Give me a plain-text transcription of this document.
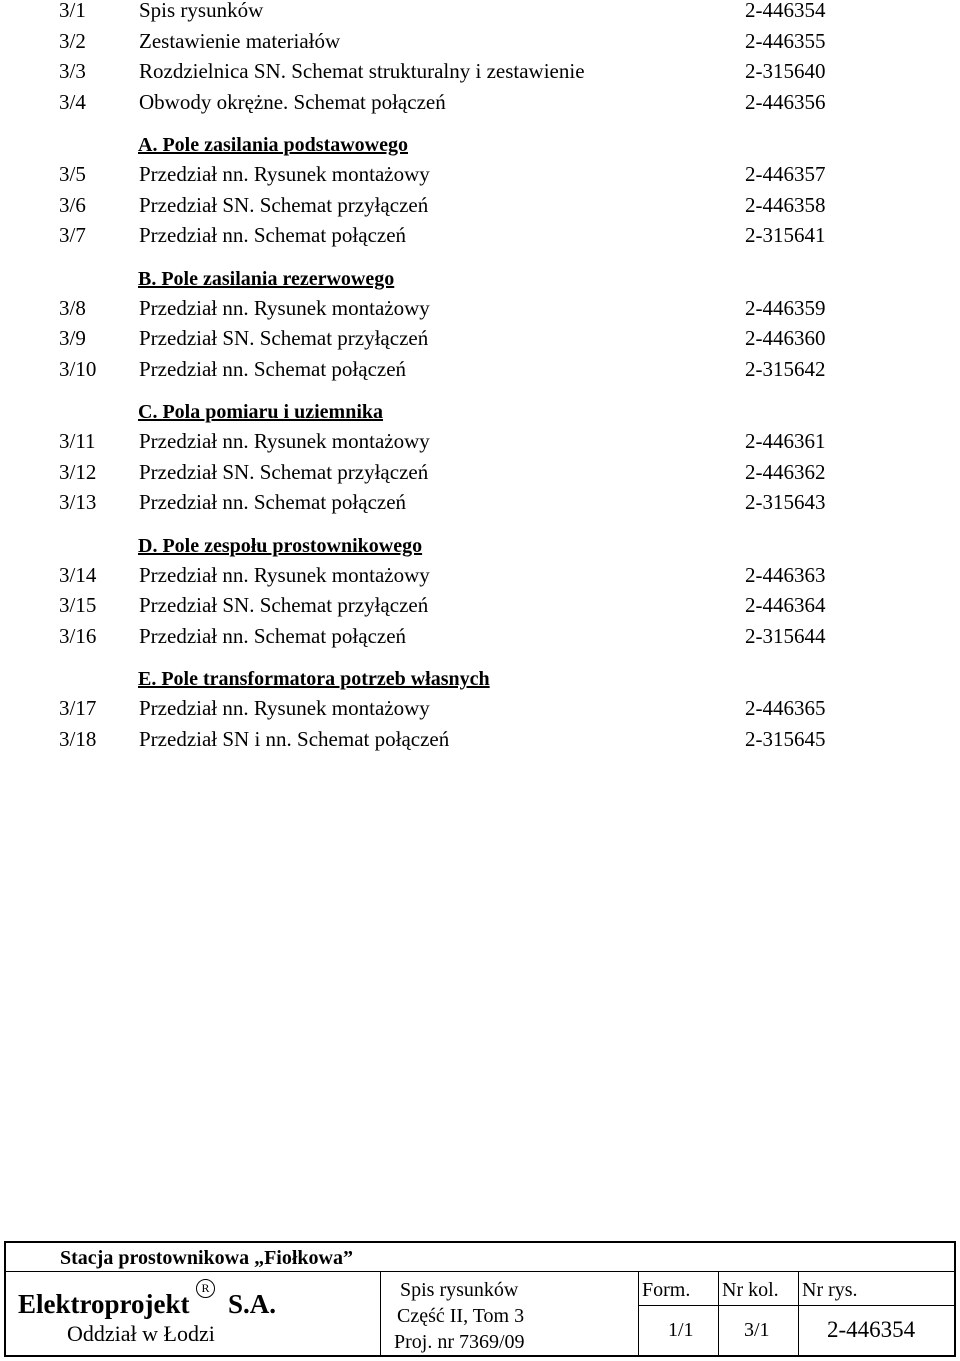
3/1	Spis rysunków	2-446354
3/2	Zestawienie materiałów	2-446355
3/3	Rozdzielnica SN. Schemat strukturalny i zestawienie	2-315640
3/4	Obwody okrężne. Schemat połączeń	2-446356
A. Pole zasilania podstawowego
3/5	Przedział nn. Rysunek montażowy	2-446357
3/6	Przedział SN. Schemat przyłączeń	2-446358
3/7	Przedział nn. Schemat połączeń	2-315641
B. Pole zasilania rezerwowego
3/8	Przedział nn. Rysunek montażowy	2-446359
3/9	Przedział SN. Schemat przyłączeń	2-446360
3/10 Przedział nn. Schemat połączeń	2-315642
C. Pola pomiaru i uziemnika
3/11 Przedział nn. Rysunek montażowy	2-446361
3/12 Przedział SN. Schemat przyłączeń	2-446362
3/13 Przedział nn. Schemat połączeń	2-315643
D. Pole zespołu prostownikowego
3/14 Przedział nn. Rysunek montażowy	2-446363
3/15 Przedział SN. Schemat przyłączeń	2-446364
3/16 Przedział nn. Schemat połączeń	2-315644
E. Pole transformatora potrzeb własnych
3/17 Przedział nn. Rysunek montażowy	2-446365
3/18 Przedział SN i nn. Schemat połączeń	2-315645
Stacja prostownikowa „Fiołkowa”
Elektroprojekt
R
S.A.
Oddział w Łodzi
Spis rysunków
Część II, Tom 3
Proj. nr 7369/09
Form.
1/1
Nr kol.
3/1
Nr rys.
2-446354
